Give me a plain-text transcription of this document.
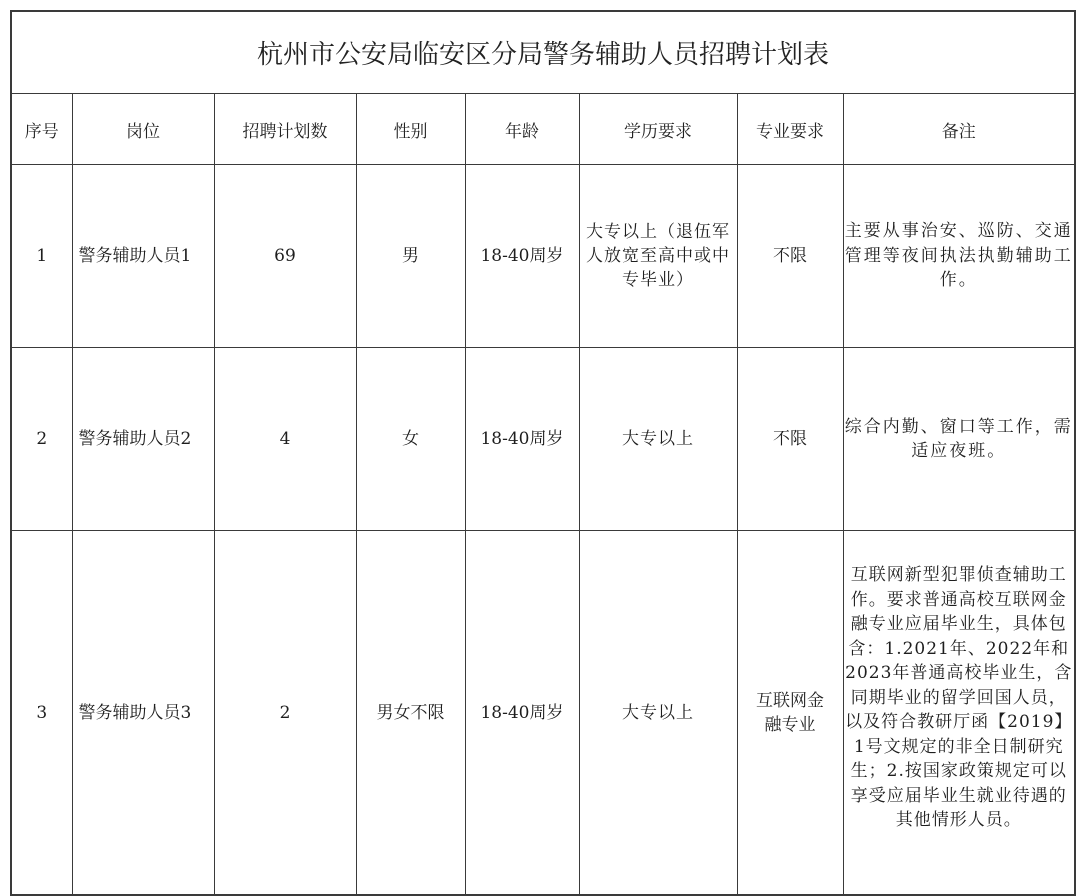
杭州市公安局临安区分局警务辅助人员招聘计划表							
序号	岗位	招聘计划数	性别	年龄	学历要求	专业要求	备注
1	警务辅助人员1	69	男	18-40周岁	大专以上（退伍军人放宽至高中或中专毕业）	不限	主要从事治安、巡防、交通管理等夜间执法执勤辅助工作。
2	警务辅助人员2	4	女	18-40周岁	大专以上	不限	综合内勤、窗口等工作，需适应夜班。
3	警务辅助人员3	2	男女不限	18-40周岁	大专以上	互联网金融专业	互联网新型犯罪侦查辅助工作。要求普通高校互联网金融专业应届毕业生，具体包含：1.2021年、2022年和2023年普通高校毕业生，含同期毕业的留学回国人员，以及符合教研厅函【2019】1号文规定的非全日制研究生；2.按国家政策规定可以享受应届毕业生就业待遇的其他情形人员。
